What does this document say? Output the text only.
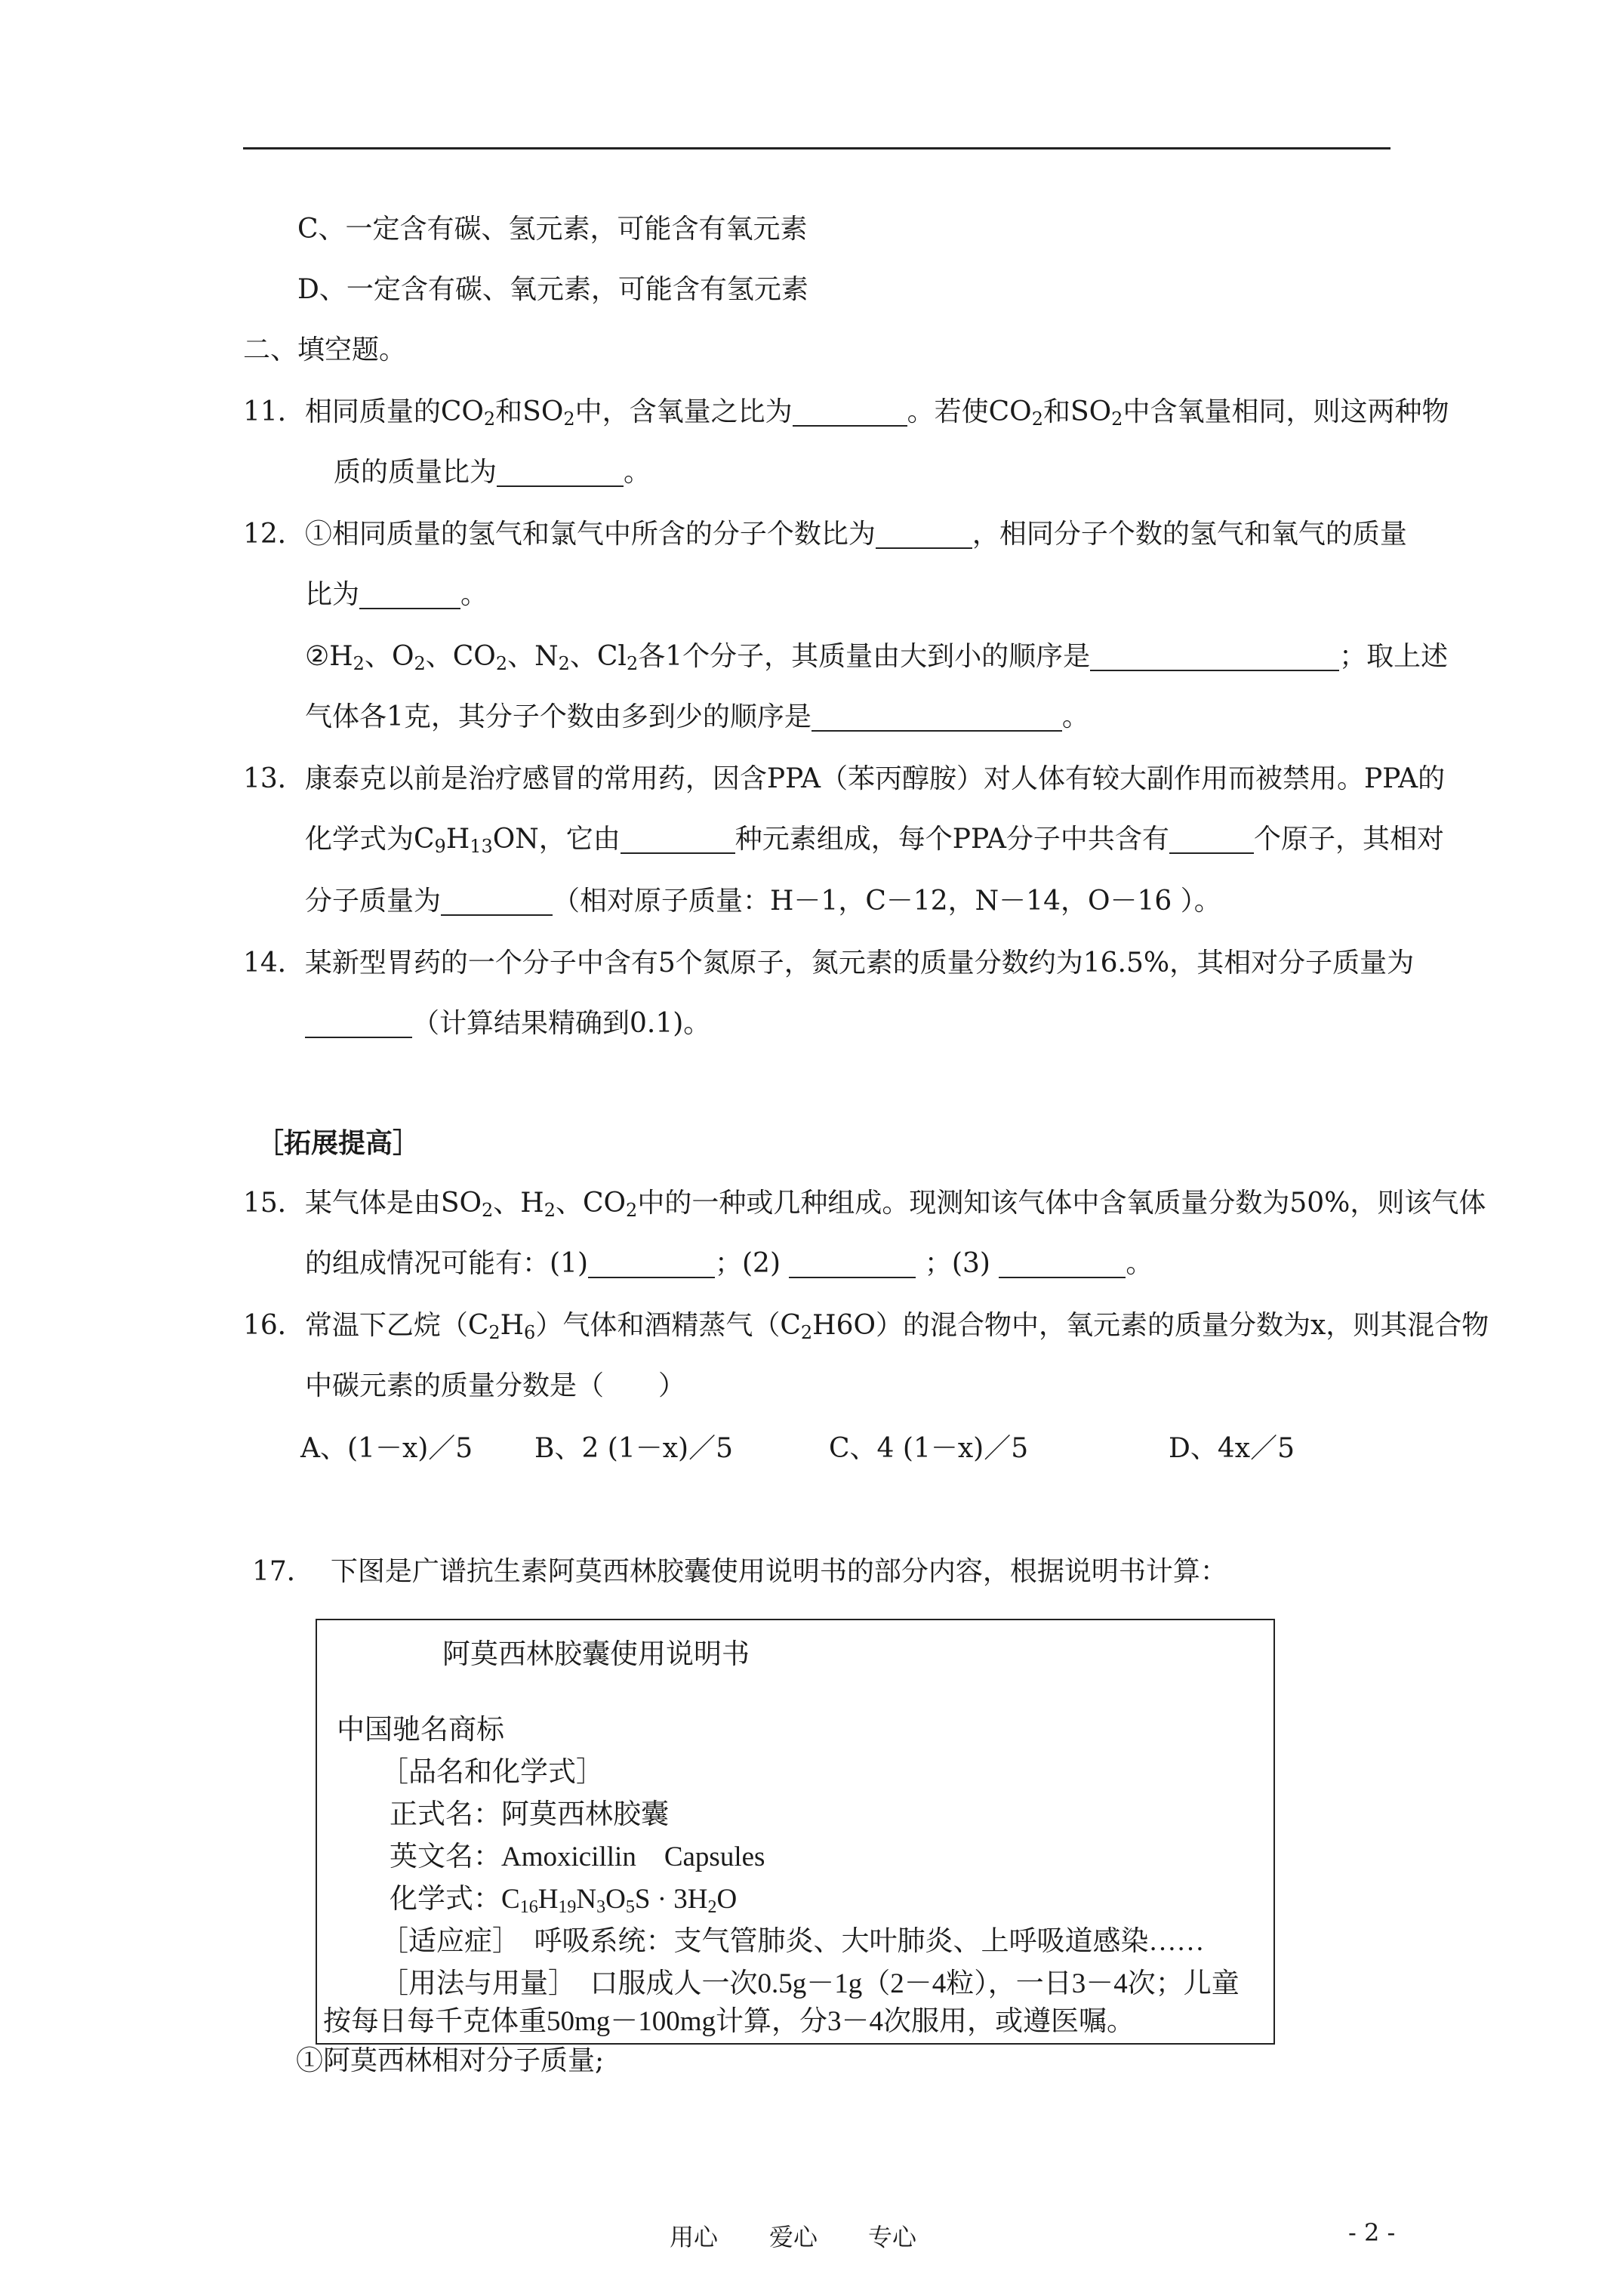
C、一定含有碳、氢元素，可能含有氧元素
D、一定含有碳、氧元素，可能含有氢元素
二、填空题。
11．相同质量的$CO_2$和$SO_2$中，含氧量之比为	。若使$CO_2$和$SO_2$中含氧量相同，则这两种物
质的质量比为	。
12．①相同质量的氢气和氯气中所含的分子个数比为	，相同分子个数的氢气和氧气的质量
比为	。
$②H_2$、$O_2$、$CO_2$、$N_2$、$Cl_2$各1个分子，其质量由大到小的顺序是	；取上述
气体各1克，其分子个数由多到少的顺序是	。
13．康泰克以前是治疗感冒的常用药，因含PPA（苯丙醇胺）对人体有较大副作用而被禁用。PPA的
化学式为$C_9H_{13}ON$，它由	种元素组成，每个PPA分子中共含有	个原子，其相对
分子质量为	（相对原子质量：H－1，C－12，N－14，O－16 ）。
14．某新型胃药的一个分子中含有5个氮原子，氮元素的质量分数约为16.5%，其相对分子质量为
（计算结果精确到0.1)。
［拓展提高］
15．某气体是由$SO_2$、$H_2$、$CO_2$中的一种或几种组成。现测知该气体中含氧质量分数为50%，则该气体
的组成情况可能有：(1)	；(2)	；(3)	。
16．常温下乙烷$(C_2H_6)$气体和酒精蒸气$(C_2H6O)$的混合物中，氧元素的质量分数为x，则其混合物
中碳元素的质量分数是（　　）
A、(1－x)／5 B、2 (1－x)／5	C、4 (1－x)／5	D、4x／5
17． 下图是广谱抗生素阿莫西林胶囊使用说明书的部分内容，根据说明书计算：
阿莫西林胶囊使用说明书
中国驰名商标
［品名和化学式］
正式名：阿莫西林胶囊
英文名：Amoxicillin　Capsules
化学式：$C_{16}H_{19}N_3O_5S \cdot 3H_2O$
［适应症］　呼吸系统：支气管肺炎、大叶肺炎、上呼吸道感染……
［用法与用量］　口服成人一次0.5g－1g（2－4粒），一日3－4次；儿童
按每日每千克体重50mg－100mg计算，分3－4次服用，或遵医嘱。
①阿莫西林相对分子质量;
用心 爱心 专心	- 2 -
